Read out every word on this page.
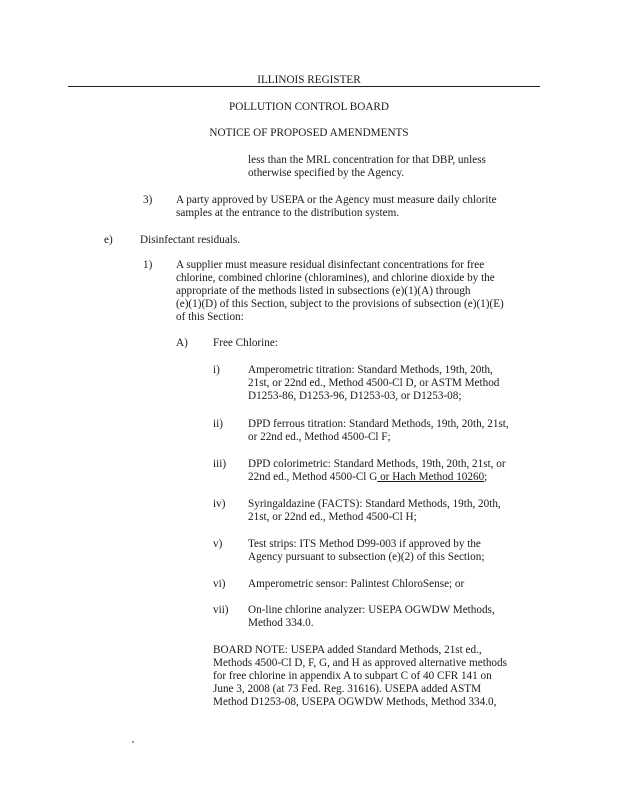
ILLINOIS REGISTER
POLLUTION CONTROL BOARD
NOTICE OF PROPOSED AMENDMENTS
less than the MRL concentration for that DBP, unless
otherwise specified by the Agency.
3) A party approved by USEPA or the Agency must measure daily chlorite
samples at the entrance to the distribution system.
e) Disinfectant residuals.
1) A supplier must measure residual disinfectant concentrations for free
chlorine, combined chlorine (chloramines), and chlorine dioxide by the
appropriate of the methods listed in subsections (e)(1)(A) through
(e)(1)(D) of this Section, subject to the provisions of subsection (e)(1)(E)
of this Section:
A) Free Chlorine:
i)	Amperometric titration: Standard Methods, 19th, 20th,
21st, or 22nd ed., Method 4500-Cl D, or ASTM Method
D1253-86, D1253-96, D1253-03, or D1253-08;
ii) DPD ferrous titration: Standard Methods, 19th, 20th, 21st,
or 22nd ed., Method 4500-Cl F;
iii) DPD colorimetric: Standard Methods, 19th, 20th, 21st, or
22nd ed., Method 4500-Cl G or Hach Method 10260;
iv) Syringaldazine (FACTS): Standard Methods, 19th, 20th,
21st, or 22nd ed., Method 4500-Cl H;
v) Test strips: ITS Method D99-003 if approved by the
Agency pursuant to subsection (e)(2) of this Section;
vi) Amperometric sensor: Palintest ChloroSense; or
vii) On-line chlorine analyzer: USEPA OGWDW Methods,
Method 334.0.
BOARD NOTE: USEPA added Standard Methods, 21st ed.,
Methods 4500-Cl D, F, G, and H as approved alternative methods
for free chlorine in appendix A to subpart C of 40 CFR 141 on
June 3, 2008 (at 73 Fed. Reg. 31616). USEPA added ASTM
Method D1253-08, USEPA OGWDW Methods, Method 334.0,
